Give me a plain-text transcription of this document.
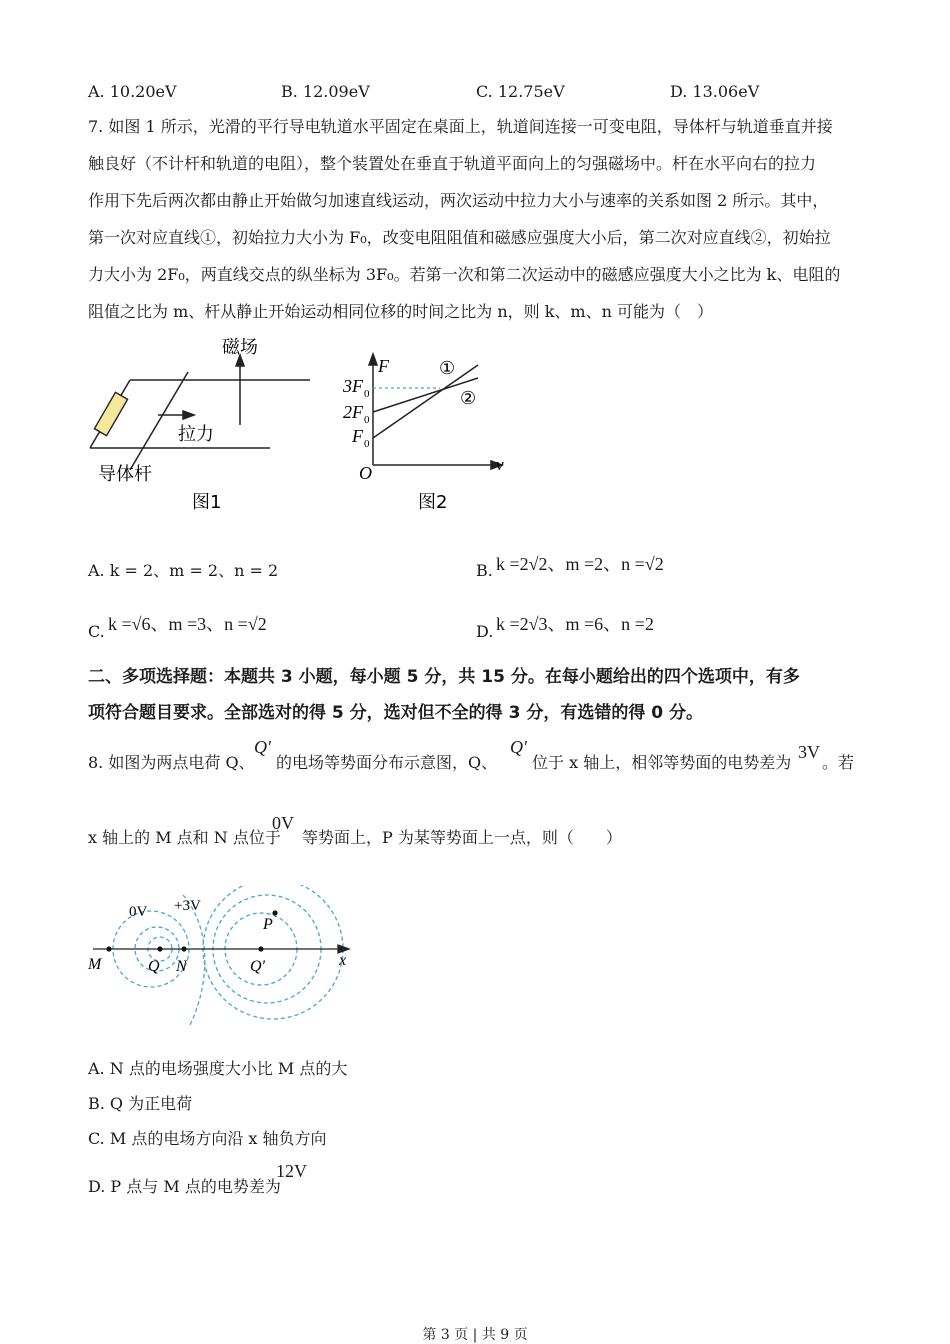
A. 10.20eV	B. 12.09eV	C. 12.75eV	D. 13.06eV
7. 如图 1 所示，光滑的平行导电轨道水平固定在桌面上，轨道间连接一可变电阻，导体杆与轨道垂直并接
触良好（不计杆和轨道的电阻），整个装置处在垂直于轨道平面向上的匀强磁场中。杆在水平向右的拉力
作用下先后两次都由静止开始做匀加速直线运动，两次运动中拉力大小与速率的关系如图 2 所示。其中，
第一次对应直线①，初始拉力大小为 F₀，改变电阻阻值和磁感应强度大小后，第二次对应直线②，初始拉
力大小为 2F₀，两直线交点的纵坐标为 3F₀。若第一次和第二次运动中的磁感应强度大小之比为 k、电阻的
阻值之比为 m、杆从静止开始运动相同位移的时间之比为 n，则 k、m、n 可能为（　）
磁场
拉力
导体杆
图1
F
v
O
3F 0
2F 0
F 0
①
②
图2
A. k = 2、m = 2、n = 2	B. k =2√2、m =2、n =√2
C. k =√6、m =3、n =√2	D. k =2√3、m =6、n =2
二、多项选择题：本题共 3 小题，每小题 5 分，共 15 分。在每小题给出的四个选项中，有多
项符合题目要求。全部选对的得 5 分，选对但不全的得 3 分，有选错的得 0 分。
8. 如图为两点电荷 Q、
Q′
的电场等势面分布示意图，Q、
Q′
位于 x 轴上，相邻等势面的电势差为
3V
。若
x 轴上的 M 点和 N 点位于
0V
等势面上，P 为某等势面上一点，则（　　）
0V +3V
P
M	Q N	Q′	x
A. N 点的电场强度大小比 M 点的大
B. Q 为正电荷
C. M 点的电场方向沿 x 轴负方向
D. P 点与 M 点的电势差为
12V
第 3 页 | 共 9 页
